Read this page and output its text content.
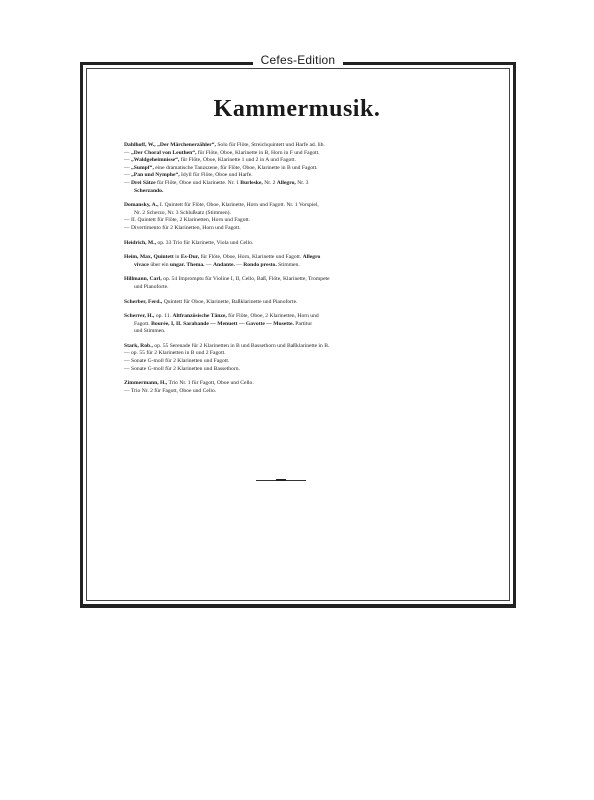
Cefes-Edition
Kammermusik.
Dahlhoff, W., „Der Märchenerzähler“, Solo für Flöte, Streichquintett und Harfe ad. lib.
— „Der Choral von Leuthen“, für Flöte, Oboe, Klarinette in B, Horn in F und Fagott.
— „Waldgeheimnisse“, für Flöte, Oboe, Klarinette 1 und 2 in A und Fagott.
— „Sumpf“, eine dramatische Tanzszene, für Flöte, Oboe, Klarinette in B und Fagott.
— „Pan und Nymphe“, Idyll für Flöte, Oboe und Harfe.
— Drei Sätze für Flöte, Oboe und Klarinette. Nr. 1 Burleske, Nr. 2 Allegro, Nr. 3
Scherzando.
Domansky, A., I. Quintett für Flöte, Oboe, Klarinette, Horn und Fagott. Nr. 1 Vorspiel,
Nr. 2 Scherzo, Nr. 3 Schlußsatz (Stimmen).
— II. Quintett für Flöte, 2 Klarinetten, Horn und Fagott.
— Divertimento für 2 Klarinetten, Horn und Fagott.
Heidrich, M., op. 33 Trio für Klarinette, Viola und Cello.
Heim, Max, Quintett in Es-Dur, für Flöte, Oboe, Horn, Klarinette und Fagott. Allegro
vivace über ein ungar. Thema. — Andante. — Rondo presto. Stimmen.
Hillmann, Carl, op. 54 Impromptu für Violine I, II, Cello, Baß, Flöte, Klarinette, Trompete
und Pianoforte.
Scherber, Ferd., Quintett für Oboe, Klarinette, Baßklarinette und Pianoforte.
Scherrer, H., op. 11. Altfranzösische Tänze, für Flöte, Oboe, 2 Klarinetten, Horn und
Fagott. Bourée, I, II. Sarabande — Menuett — Gavotte — Musette. Partitur
und Stimmen.
Stark, Rob., op. 55 Serenade für 2 Klarinetten in B und Bassethorn und Baßklarinette in B.
— op. 55 für 2 Klarinetten in B und 2 Fagott.
— Sonate G-moll für 2 Klarinetten und Fagott.
— Sonate G-moll für 2 Klarinetten und Bassethorn.
Zimmermann, H., Trio Nr. 1 für Fagott, Oboe und Cello.
— Trio Nr. 2 für Fagott, Oboe und Cello.
